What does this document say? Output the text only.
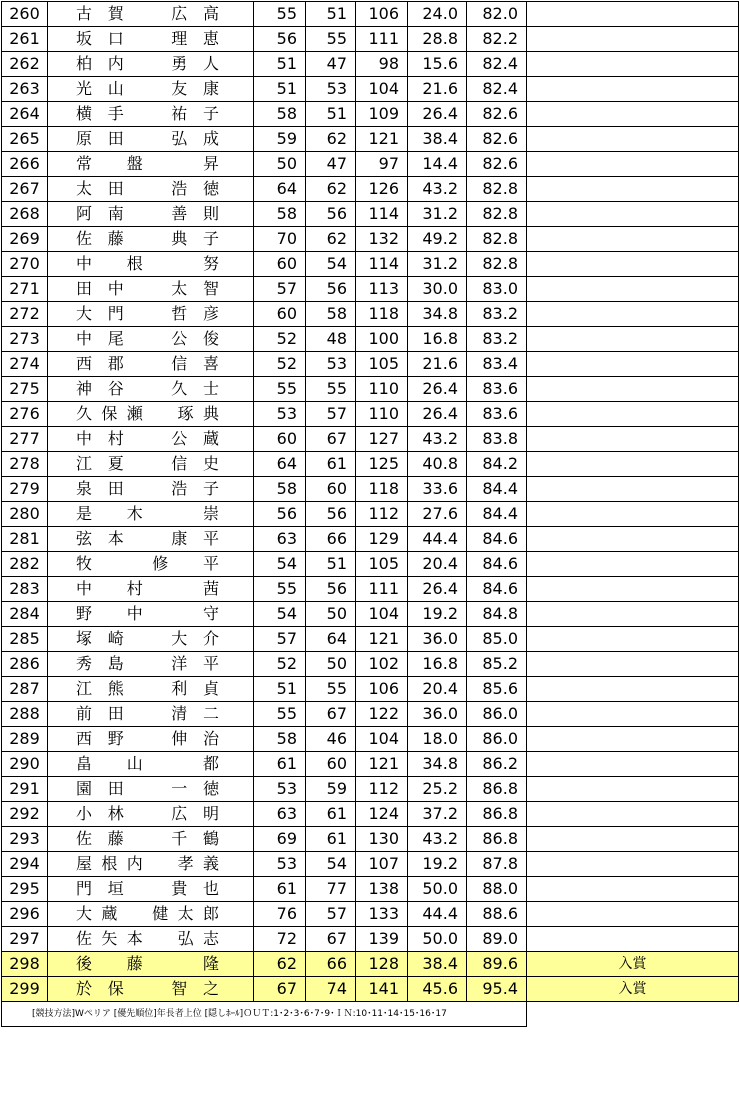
260	古 賀 　 広 高	55	51	106	24.0	82.0	
261	坂 口 　 理 恵	56	55	111	28.8	82.2	
262	柏 内 　 勇 人	51	47	98	15.6	82.4	
263	光 山 　 友 康	51	53	104	21.6	82.4	
264	横 手 　 祐 子	58	51	109	26.4	82.6	
265	原 田 　 弘 成	59	62	121	38.4	82.6	
266	常 　 盤 　 　 昇	50	47	97	14.4	82.6	
267	太 田 　 浩 徳	64	62	126	43.2	82.8	
268	阿 南 　 善 則	58	56	114	31.2	82.8	
269	佐 藤 　 典 子	70	62	132	49.2	82.8	
270	中 　 根 　 　 努	60	54	114	31.2	82.8	
271	田 中 　 太 智	57	56	113	30.0	83.0	
272	大 門 　 哲 彦	60	58	118	34.8	83.2	
273	中 尾 　 公 俊	52	48	100	16.8	83.2	
274	西 郡 　 信 喜	52	53	105	21.6	83.4	
275	神 谷 　 久 士	55	55	110	26.4	83.6	
276	久 保 瀬 　 琢 典	53	57	110	26.4	83.6	
277	中 村 　 公 蔵	60	67	127	43.2	83.8	
278	江 夏 　 信 史	64	61	125	40.8	84.2	
279	泉 田 　 浩 子	58	60	118	33.6	84.4	
280	是 　 木 　 　 崇	56	56	112	27.6	84.4	
281	弦 本 　 康 平	63	66	129	44.4	84.6	
282	牧 　 　 修 　 平	54	51	105	20.4	84.6	
283	中 　 村 　 　 茜	55	56	111	26.4	84.6	
284	野 　 中 　 　 守	54	50	104	19.2	84.8	
285	塚 崎 　 大 介	57	64	121	36.0	85.0	
286	秀 島 　 洋 平	52	50	102	16.8	85.2	
287	江 熊 　 利 貞	51	55	106	20.4	85.6	
288	前 田 　 清 二	55	67	122	36.0	86.0	
289	西 野 　 伸 治	58	46	104	18.0	86.0	
290	畠 　 山 　 　 都	61	60	121	34.8	86.2	
291	園 田 　 一 徳	53	59	112	25.2	86.8	
292	小 林 　 広 明	63	61	124	37.2	86.8	
293	佐 藤 　 千 鶴	69	61	130	43.2	86.8	
294	屋 根 内 　 孝 義	53	54	107	19.2	87.8	
295	門 垣 　 貴 也	61	77	138	50.0	88.0	
296	大 蔵 　 健 太 郎	76	57	133	44.4	88.6	
297	佐 矢 本 　 弘 志	72	67	139	50.0	89.0	
298	後 　 藤 　 　 隆	62	66	128	38.4	89.6	入賞
299	於 保 　 智 之	67	74	141	45.6	95.4	入賞
[競技方法]Wペリア [優先順位]年長者上位 [隠しﾎｰﾙ]ＯＵＴ:1･2･3･6･7･9･ＩＮ:10･11･14･15･16･17							
